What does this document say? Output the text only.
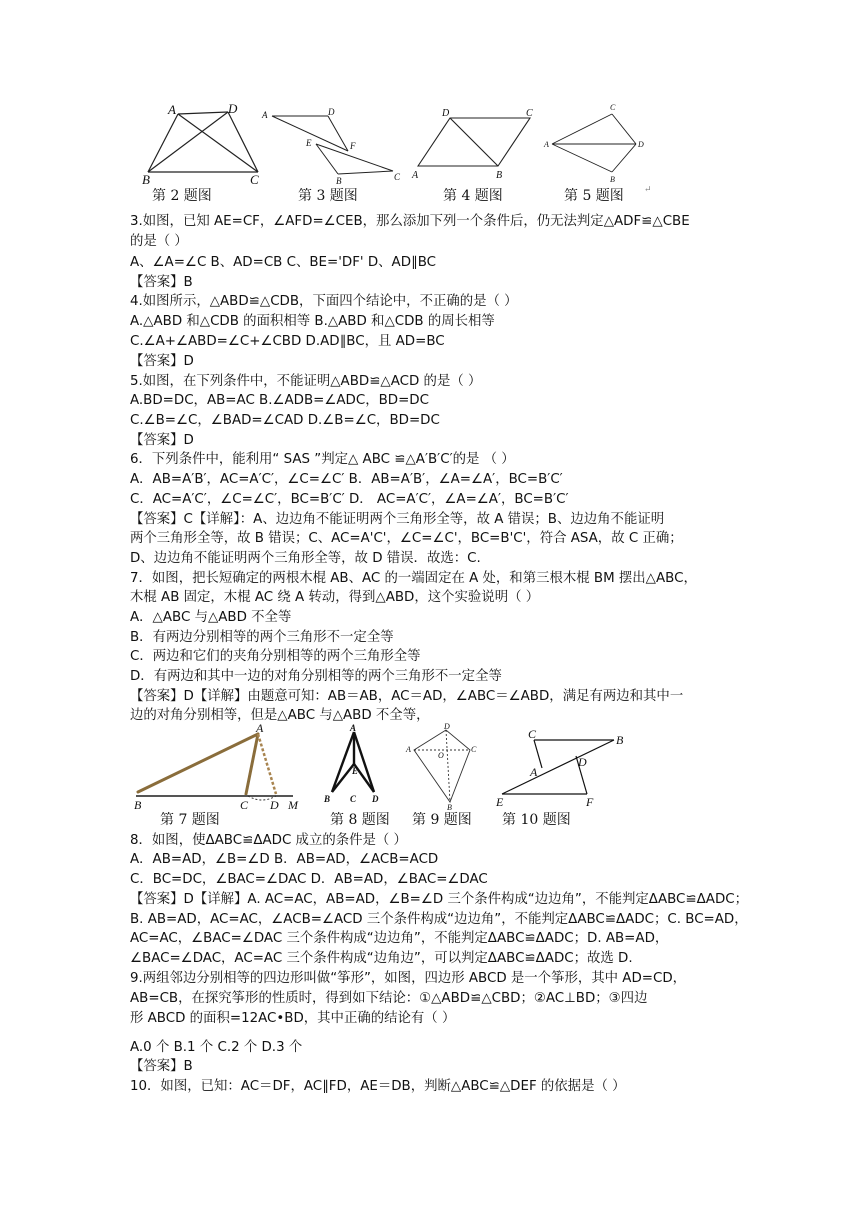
A	D
B	C
A	D
E	F
B	C
D	C
A	B
C
A	D
B
第 2 题图	第 3 题图	第 4 题图	第 5 题图 ↵
3.如图，已知 AE=CF，∠AFD=∠CEB，那么添加下列一个条件后，仍无法判定△ADF≌△CBE
的是（ ）
A、∠A=∠C B、AD=CB C、BE='DF' D、AD∥BC
【答案】B
4.如图所示，△ABD≌△CDB，下面四个结论中，不正确的是（ ）
A.△ABD 和△CDB 的面积相等 B.△ABD 和△CDB 的周长相等
C.∠A+∠ABD=∠C+∠CBD D.AD∥BC，且 AD=BC
【答案】D
5.如图，在下列条件中，不能证明△ABD≌△ACD 的是（ ）
A.BD=DC，AB=AC B.∠ADB=∠ADC，BD=DC
C.∠B=∠C，∠BAD=∠CAD D.∠B=∠C，BD=DC
【答案】D
6．下列条件中，能利用“ SAS ”判定△ ABC ≌△A′B′C′的是 （ ）
A．AB=A′B′，AC=A′C′，∠C=∠C′ B．AB=A′B′，∠A=∠A′，BC=B′C′
C．AC=A′C′，∠C=∠C′，BC=B′C′ D． AC=A′C′，∠A=∠A′，BC=B′C′
【答案】C【详解】：A、边边角不能证明两个三角形全等，故 A 错误；B、边边角不能证明
两个三角形全等，故 B 错误；C、AC=A'C'，∠C=∠C'，BC=B'C'，符合 ASA，故 C 正确；
D、边边角不能证明两个三角形全等，故 D 错误．故选：C.
7．如图，把长短确定的两根木棍 AB、AC 的一端固定在 A 处，和第三根木棍 BM 摆出△ABC，
木棍 AB 固定，木棍 AC 绕 A 转动，得到△ABD，这个实验说明（ ）
A．△ABC 与△ABD 不全等
B．有两边分别相等的两个三角形不一定全等
C．两边和它们的夹角分别相等的两个三角形全等
D．有两边和其中一边的对角分别相等的两个三角形不一定全等
【答案】D【详解】由题意可知：AB＝AB，AC＝AD，∠ABC＝∠ABD，满足有两边和其中一
边的对角分别相等，但是△ABC 与△ABD 不全等，
A
B	C D M
A
E
B C D
D
A
O
C
B
C	B
A
D
E	F
第 7 题图	第 8 题图 第 9 题图 第 10 题图
8．如图，使ΔABC≌ΔADC 成立的条件是（ ）
A．AB=AD，∠B=∠D B．AB=AD，∠ACB=ACD
C．BC=DC，∠BAC=∠DAC D．AB=AD，∠BAC=∠DAC
【答案】D【详解】A. AC=AC，AB=AD，∠B=∠D 三个条件构成“边边角”，不能判定ΔABC≌ΔADC；
B. AB=AD，AC=AC，∠ACB=∠ACD 三个条件构成“边边角”，不能判定ΔABC≌ΔADC；C. BC=AD，
AC=AC，∠BAC=∠DAC 三个条件构成“边边角”，不能判定ΔABC≌ΔADC；D. AB=AD，
∠BAC=∠DAC，AC=AC 三个条件构成“边角边”，可以判定ΔABC≌ΔADC；故选 D.
9.两组邻边分别相等的四边形叫做“筝形”，如图，四边形 ABCD 是一个筝形，其中 AD=CD，
AB=CB，在探究筝形的性质时，得到如下结论：①△ABD≌△CBD；②AC⊥BD；③四边
形 ABCD 的面积=12AC•BD，其中正确的结论有（ ）
A.0 个 B.1 个 C.2 个 D.3 个
【答案】B
10．如图，已知：AC＝DF，AC∥FD，AE＝DB，判断△ABC≌△DEF 的依据是（ ）
